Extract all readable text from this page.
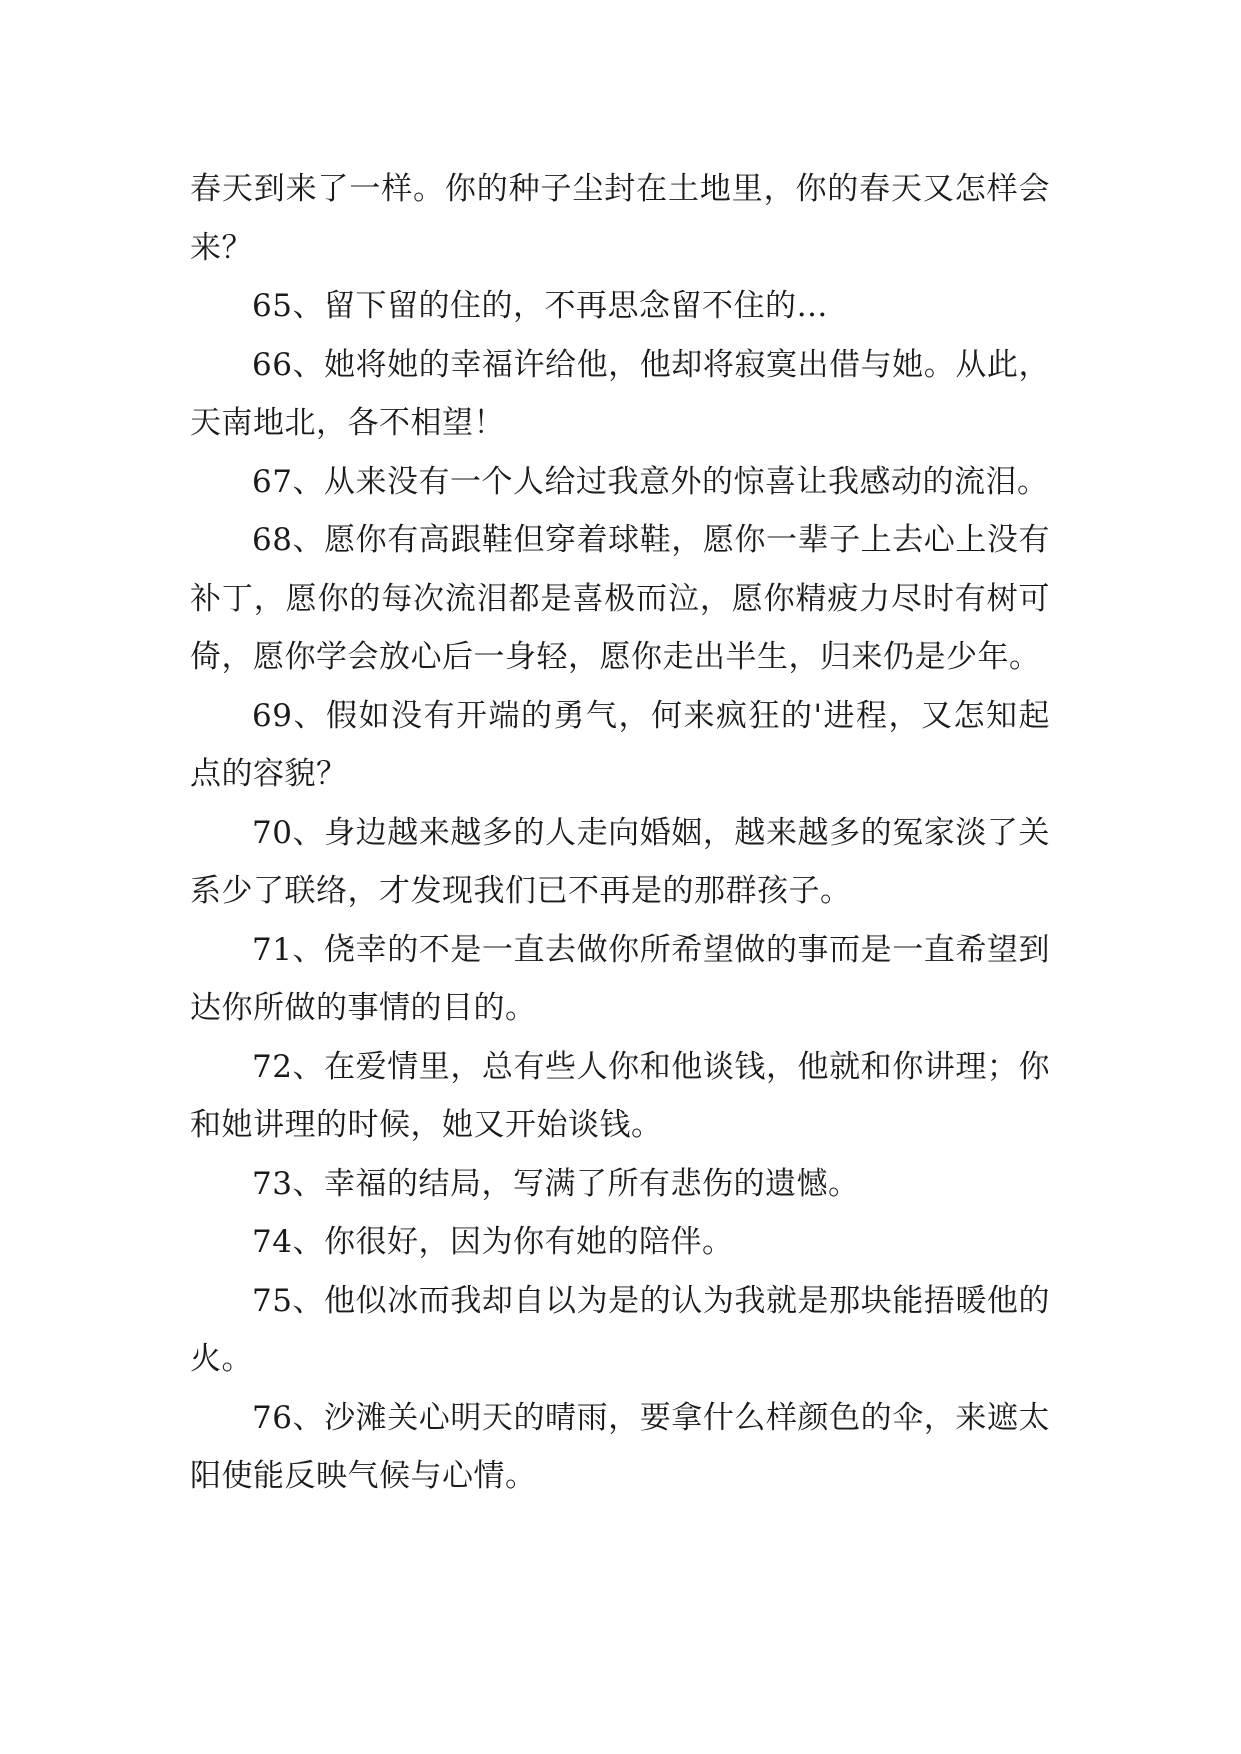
春天到来了一样。你的种子尘封在土地里，你的春天又怎样会来？

65、留下留的住的，不再思念留不住的…

66、她将她的幸福许给他，他却将寂寞出借与她。从此，天南地北，各不相望！

67、从来没有一个人给过我意外的惊喜让我感动的流泪。

68、愿你有高跟鞋但穿着球鞋，愿你一辈子上去心上没有补丁，愿你的每次流泪都是喜极而泣，愿你精疲力尽时有树可倚，愿你学会放心后一身轻，愿你走出半生，归来仍是少年。

69、假如没有开端的勇气，何来疯狂的'进程，又怎知起点的容貌？

70、身边越来越多的人走向婚姻，越来越多的冤家淡了关系少了联络，才发现我们已不再是的那群孩子。

71、侥幸的不是一直去做你所希望做的事而是一直希望到达你所做的事情的目的。

72、在爱情里，总有些人你和他谈钱，他就和你讲理；你和她讲理的时候，她又开始谈钱。

73、幸福的结局，写满了所有悲伤的遗憾。

74、你很好，因为你有她的陪伴。

75、他似冰而我却自以为是的认为我就是那块能捂暖他的火。

76、沙滩关心明天的晴雨，要拿什么样颜色的伞，来遮太阳使能反映气候与心情。
